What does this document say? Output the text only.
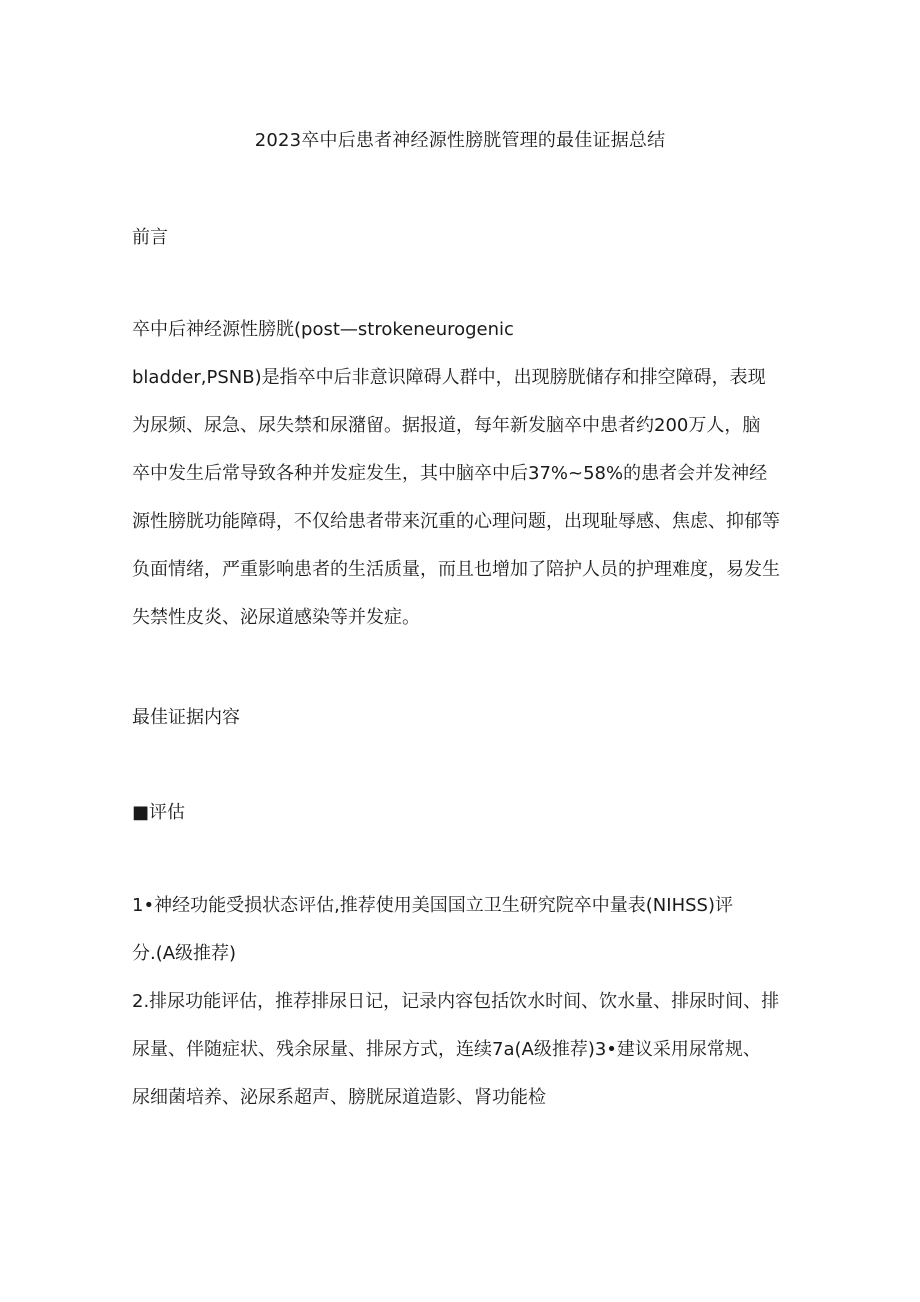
2023卒中后患者神经源性膀胱管理的最佳证据总结
前言
卒中后神经源性膀胱(post—strokeneurogenic
bladder,PSNB)是指卒中后非意识障碍人群中，出现膀胱储存和排空障碍，表现
为尿频、尿急、尿失禁和尿潴留。据报道，每年新发脑卒中患者约200万人，脑
卒中发生后常导致各种并发症发生，其中脑卒中后37%~58%的患者会并发神经
源性膀胱功能障碍，不仅给患者带来沉重的心理问题，出现耻辱感、焦虑、抑郁等
负面情绪，严重影响患者的生活质量，而且也增加了陪护人员的护理难度，易发生
失禁性皮炎、泌尿道感染等并发症。
最佳证据内容
■评估
1•神经功能受损状态评估,推荐使用美国国立卫生研究院卒中量表(NIHSS)评
分.(A级推荐)
2.排尿功能评估，推荐排尿日记，记录内容包括饮水时间、饮水量、排尿时间、排
尿量、伴随症状、残余尿量、排尿方式，连续7a(A级推荐)3•建议采用尿常规、
尿细菌培养、泌尿系超声、膀胱尿道造影、肾功能检
